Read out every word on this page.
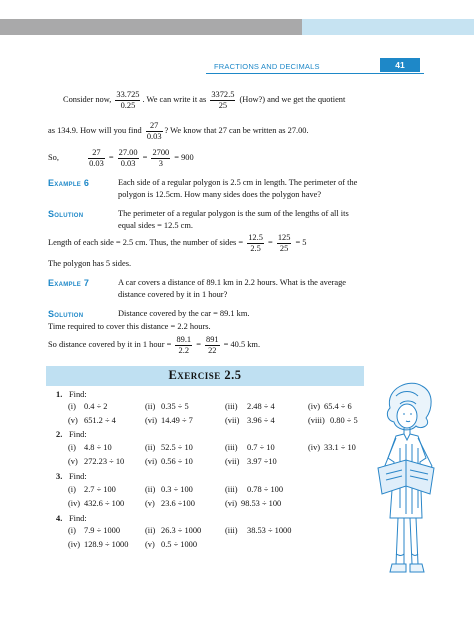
FRACTIONS AND DECIMALS	41
Consider now, $\frac{33.725}{0.25}$ . We can write it as $\frac{3372.5}{25}$ (How?) and we get the quotient
as 134.9. How will you find $\frac{27}{0.03}$ ? We know that 27 can be written as 27.00.
So,	$\frac{27}{0.03} = \frac{27.00}{0.03} = \frac{2700}{3} = 900$
Example 6	Each side of a regular polygon is 2.5 cm in length. The perimeter of the
polygon is 12.5cm. How many sides does the polygon have?
Solution	The perimeter of a regular polygon is the sum of the lengths of all its
equal sides = 12.5 cm.
Length of each side = 2.5 cm. Thus, the number of sides = $\frac{12.5}{2.5} = \frac{125}{25} = 5$
The polygon has 5 sides.
Example 7	A car covers a distance of 89.1 km in 2.2 hours. What is the average
distance covered by it in 1 hour?
Solution	Distance covered by the car = 89.1 km.
Time required to cover this distance = 2.2 hours.
So distance covered by it in 1 hour = $\frac{89.1}{2.2} = \frac{891}{22} = 40.5$ km.
Exercise 2.5
1. Find:
(i) 0.4 ÷ 2	(ii) 0.35 ÷ 5	(iii) 2.48 ÷ 4	(iv) 65.4 ÷ 6
(v) 651.2 ÷ 4	(vi) 14.49 ÷ 7	(vii) 3.96 ÷ 4	(viii) 0.80 ÷ 5
2. Find:
(i) 4.8 ÷ 10	(ii) 52.5 ÷ 10	(iii) 0.7 ÷ 10	(iv) 33.1 ÷ 10
(v) 272.23 ÷ 10 (vi) 0.56 ÷ 10	(vii) 3.97 ÷10
3. Find:
(i) 2.7 ÷ 100	(ii) 0.3 ÷ 100	(iii) 0.78 ÷ 100
(iv) 432.6 ÷ 100 (v) 23.6 ÷100	(vi) 98.53 ÷ 100
4. Find:
(i) 7.9 ÷ 1000	(ii) 26.3 ÷ 1000	(iii) 38.53 ÷ 1000
(iv) 128.9 ÷ 1000 (v) 0.5 ÷ 1000
